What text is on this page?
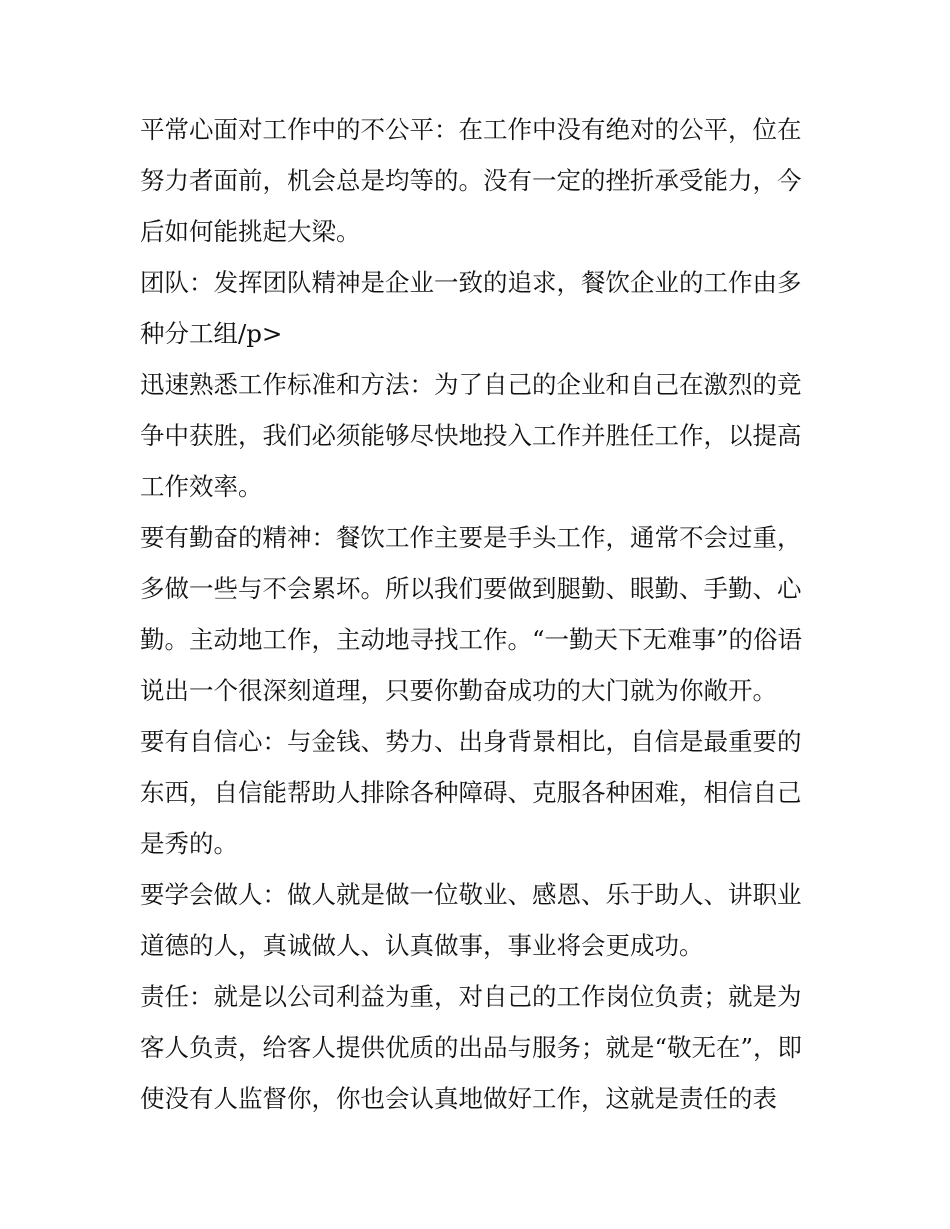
平常心面对工作中的不公平：在工作中没有绝对的公平，位在
努力者面前，机会总是均等的。没有一定的挫折承受能力，今
后如何能挑起大梁。

团队：发挥团队精神是企业一致的追求，餐饮企业的工作由多
种分工组/p>

迅速熟悉工作标准和方法：为了自己的企业和自己在激烈的竞
争中获胜，我们必须能够尽快地投入工作并胜任工作，以提高
工作效率。

要有勤奋的精神：餐饮工作主要是手头工作，通常不会过重，
多做一些与不会累坏。所以我们要做到腿勤、眼勤、手勤、心
勤。主动地工作，主动地寻找工作。“一勤天下无难事”的俗语
说出一个很深刻道理，只要你勤奋成功的大门就为你敞开。

要有自信心：与金钱、势力、出身背景相比，自信是最重要的
东西，自信能帮助人排除各种障碍、克服各种困难，相信自己
是秀的。

要学会做人：做人就是做一位敬业、感恩、乐于助人、讲职业
道德的人，真诚做人、认真做事，事业将会更成功。

责任：就是以公司利益为重，对自己的工作岗位负责；就是为
客人负责，给客人提供优质的出品与服务；就是“敬无在”，即
使没有人监督你，你也会认真地做好工作，这就是责任的表
